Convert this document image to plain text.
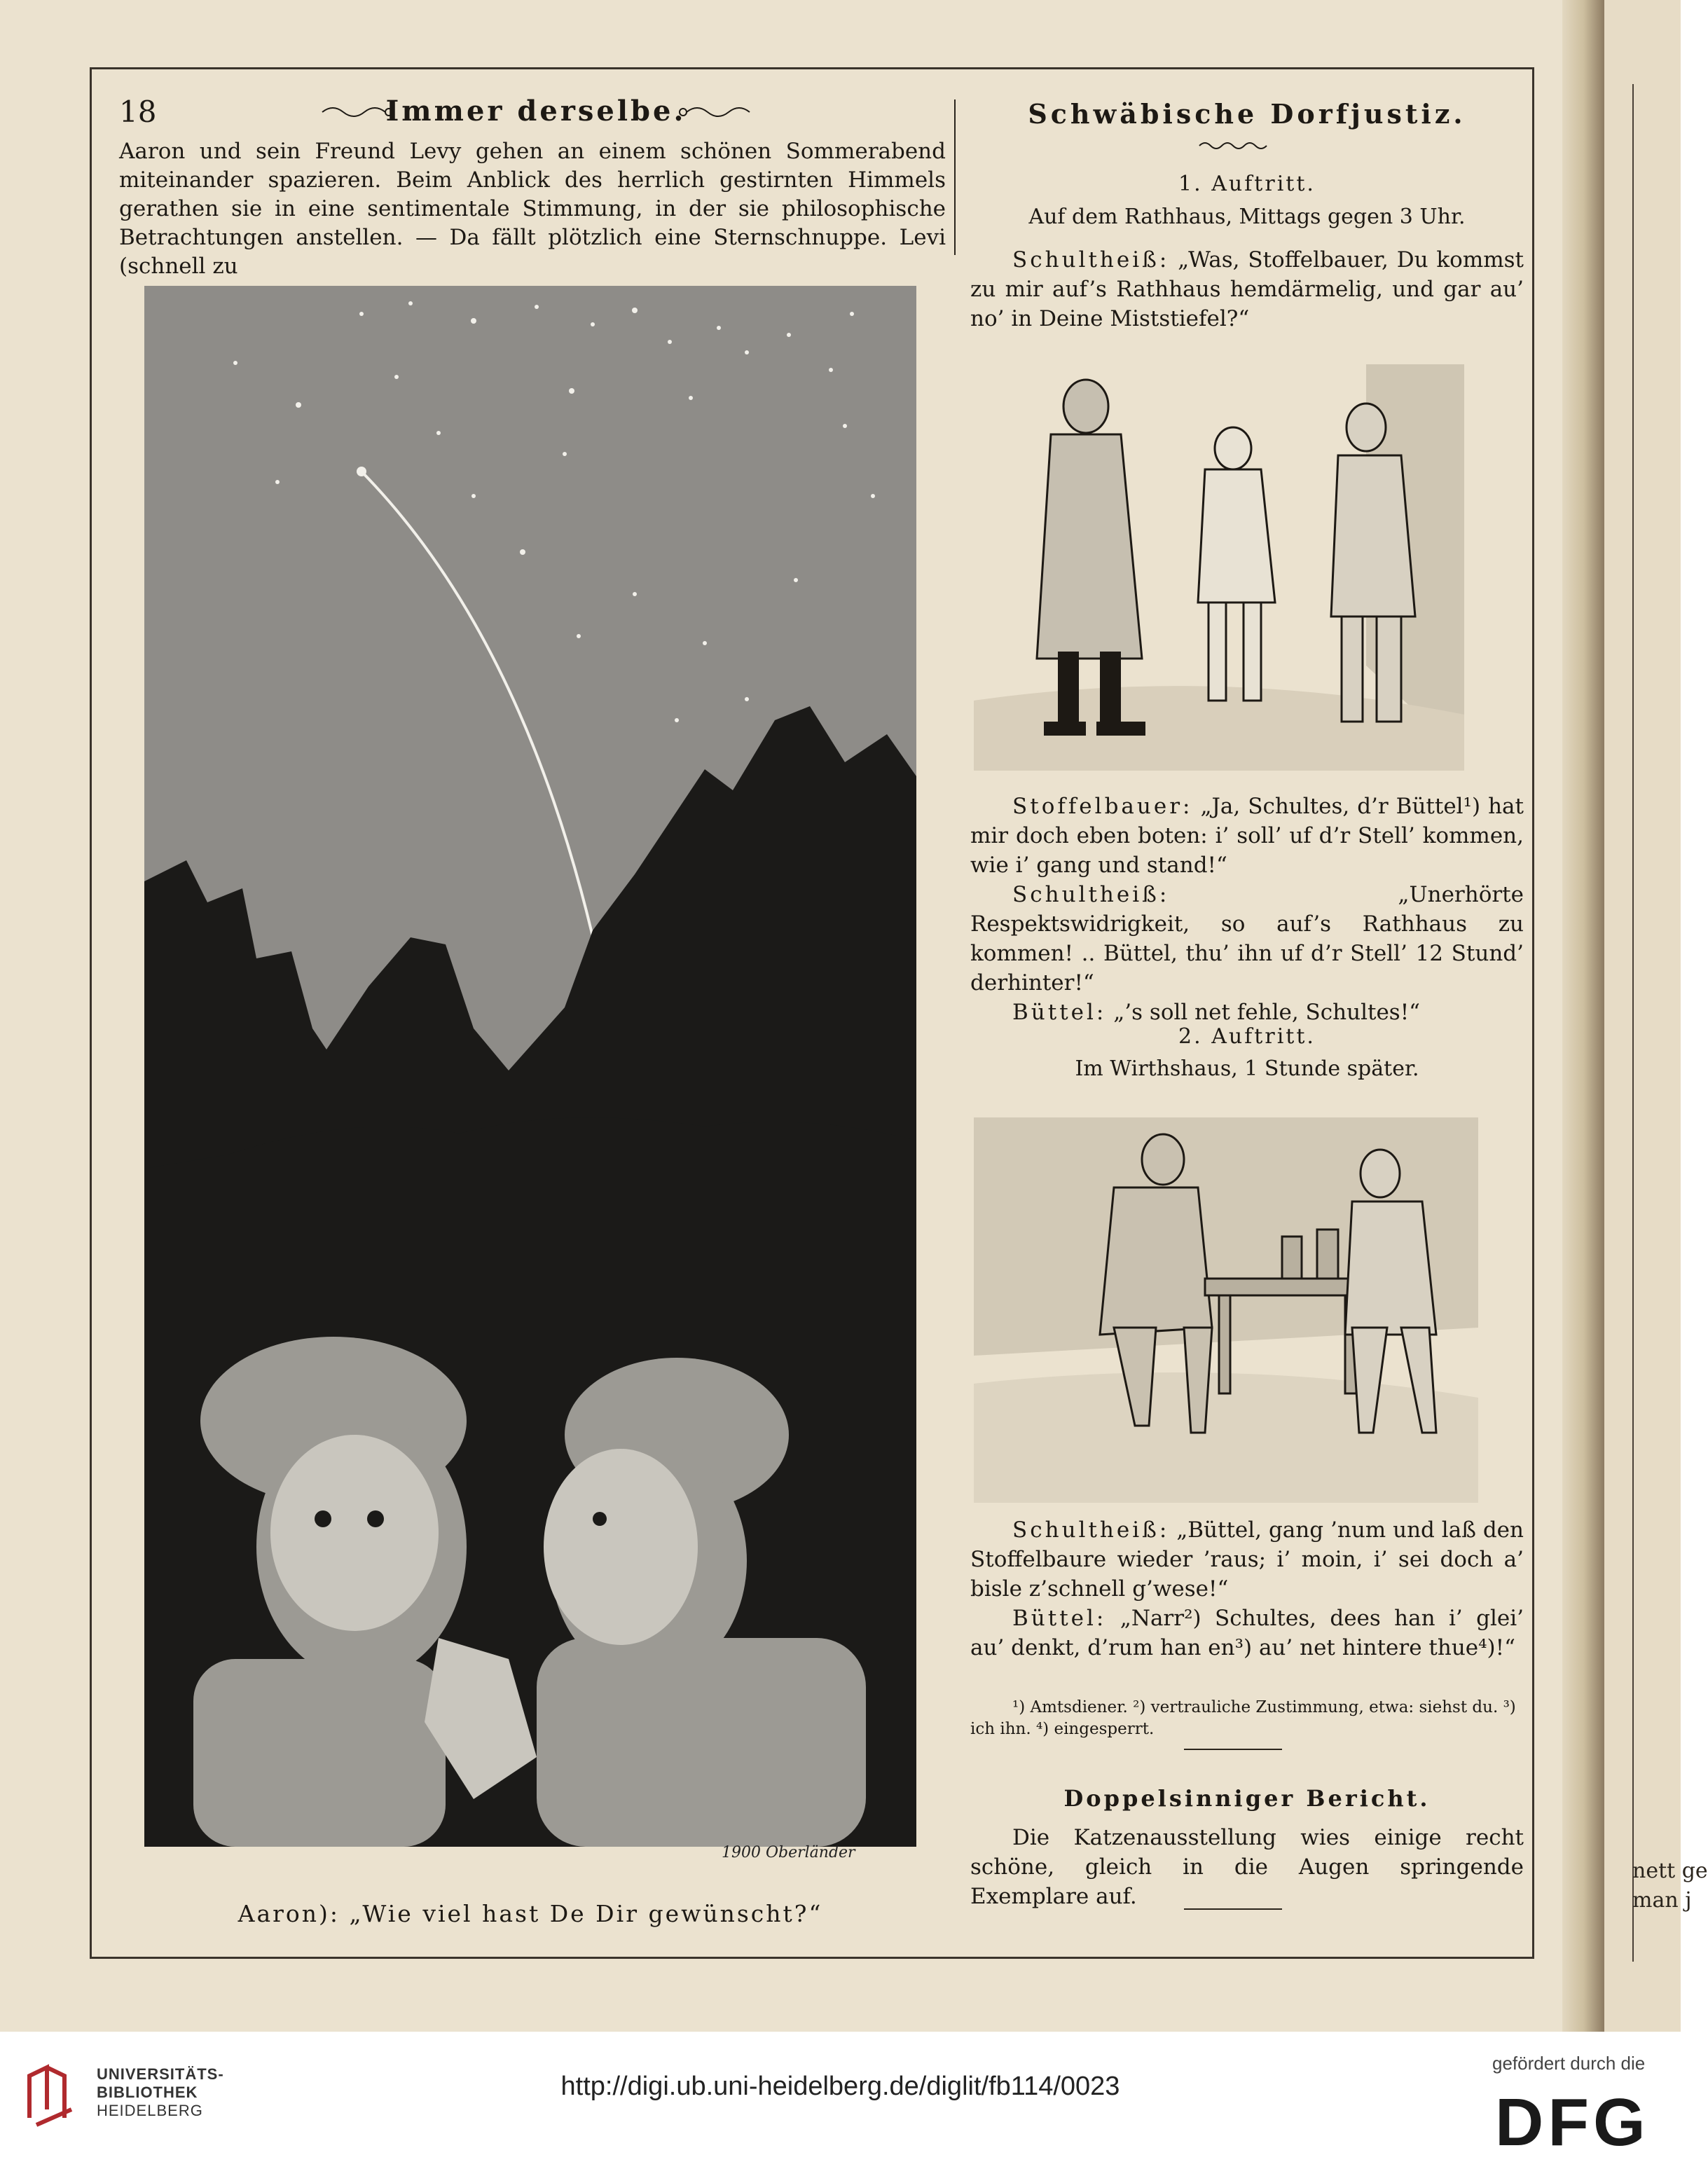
nett ge
man j
18	Immer derselbe.
Aaron und sein Freund Levy gehen an einem schönen Sommerabend miteinander spazieren. Beim Anblick des herrlich gestirnten Himmels gerathen sie in eine sentimentale Stimmung, in der sie philosophische Betrachtungen anstellen. — Da fällt plötzlich eine Sternschnuppe. Levi (schnell zu
1900 Oberländer
Aaron): „Wie viel hast De Dir gewünscht?“
Schwäbische Dorfjustiz.
1. Auftritt.
Auf dem Rathhaus, Mittags gegen 3 Uhr.
Schultheiß: „Was, Stoffelbauer, Du kommst zu mir auf’s Rathhaus hemdärmelig, und gar au’ no’ in Deine Miststiefel?“

Stoffelbauer: „Ja, Schultes, d’r Büttel¹) hat mir doch eben boten: i’ soll’ uf d’r Stell’ kommen, wie i’ gang und stand!“

Schultheiß:	„Unerhörte Respektswidrigkeit, so auf’s Rathhaus zu kommen! .. Büttel, thu’ ihn uf d’r Stell’ 12 Stund’ derhinter!“

Büttel: „’s soll net fehle, Schultes!“

2. Auftritt.
Im Wirthshaus, 1 Stunde später.

Schultheiß: „Büttel, gang ’num und laß den Stoffelbaure wieder ’raus; i’ moin, i’ sei doch a’ bisle z’schnell g’wese!“

Büttel: „Narr²) Schultes, dees han i’ glei’ au’ denkt, d’rum han en³) au’ net hintere thue⁴)!“

¹) Amtsdiener. ²) vertrauliche Zustimmung, etwa: siehst du. ³) ich ihn. ⁴) eingesperrt.
Doppelsinniger Bericht.
Die Katzenausstellung wies einige recht schöne, gleich in die Augen springende Exemplare auf.
UNIVERSITÄTS-
BIBLIOTHEK
HEIDELBERG
http://digi.ub.uni-heidelberg.de/diglit/fb114/0023
gefördert durch die
DFG
